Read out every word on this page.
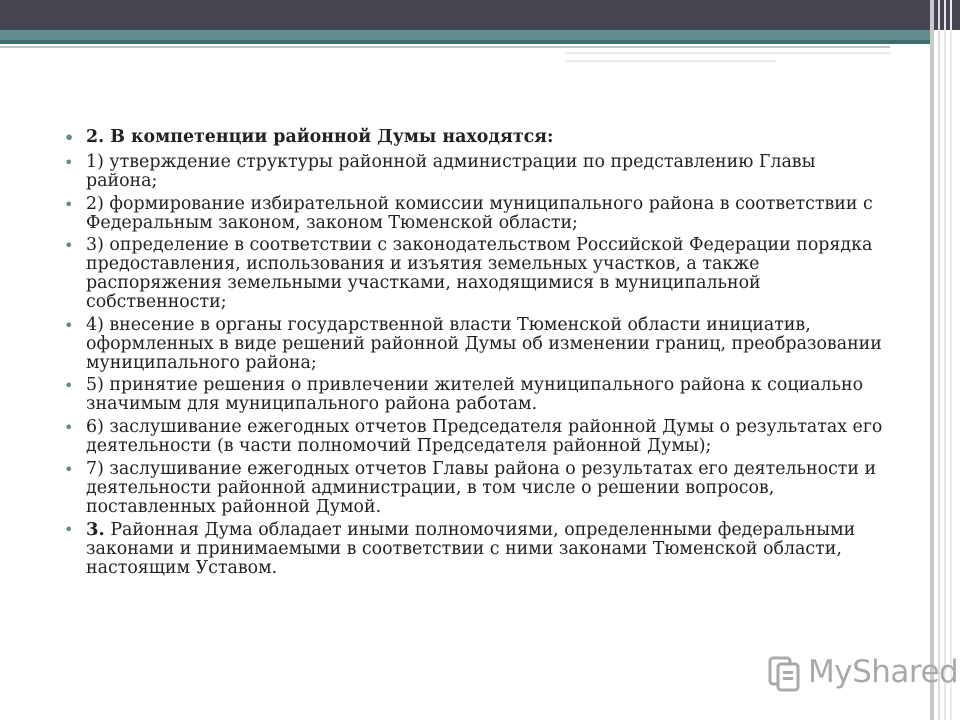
• 2. В компетенции районной Думы находятся:
• 1) утверждение структуры районной администрации по представлению Главы района;
• 2) формирование избирательной комиссии муниципального района в соответствии с Федеральным законом, законом Тюменской области;
• 3) определение в соответствии с законодательством Российской Федерации порядка предоставления, использования и изъятия земельных участков, а также распоряжения земельными участками, находящимися в муниципальной собственности;
• 4) внесение в органы государственной власти Тюменской области инициатив, оформленных в виде решений районной Думы об изменении границ, преобразовании муниципального района;
• 5) принятие решения о привлечении жителей муниципального района к социально значимым для муниципального района работам.
• 6) заслушивание ежегодных отчетов Председателя районной Думы о результатах его деятельности (в части полномочий Председателя районной Думы);
• 7) заслушивание ежегодных отчетов Главы района о результатах его деятельности и деятельности районной администрации, в том числе о решении вопросов, поставленных районной Думой.
• 3. Районная Дума обладает иными полномочиями, определенными федеральными законами и принимаемыми в соответствии с ними законами Тюменской области, настоящим Уставом.
MyShared
